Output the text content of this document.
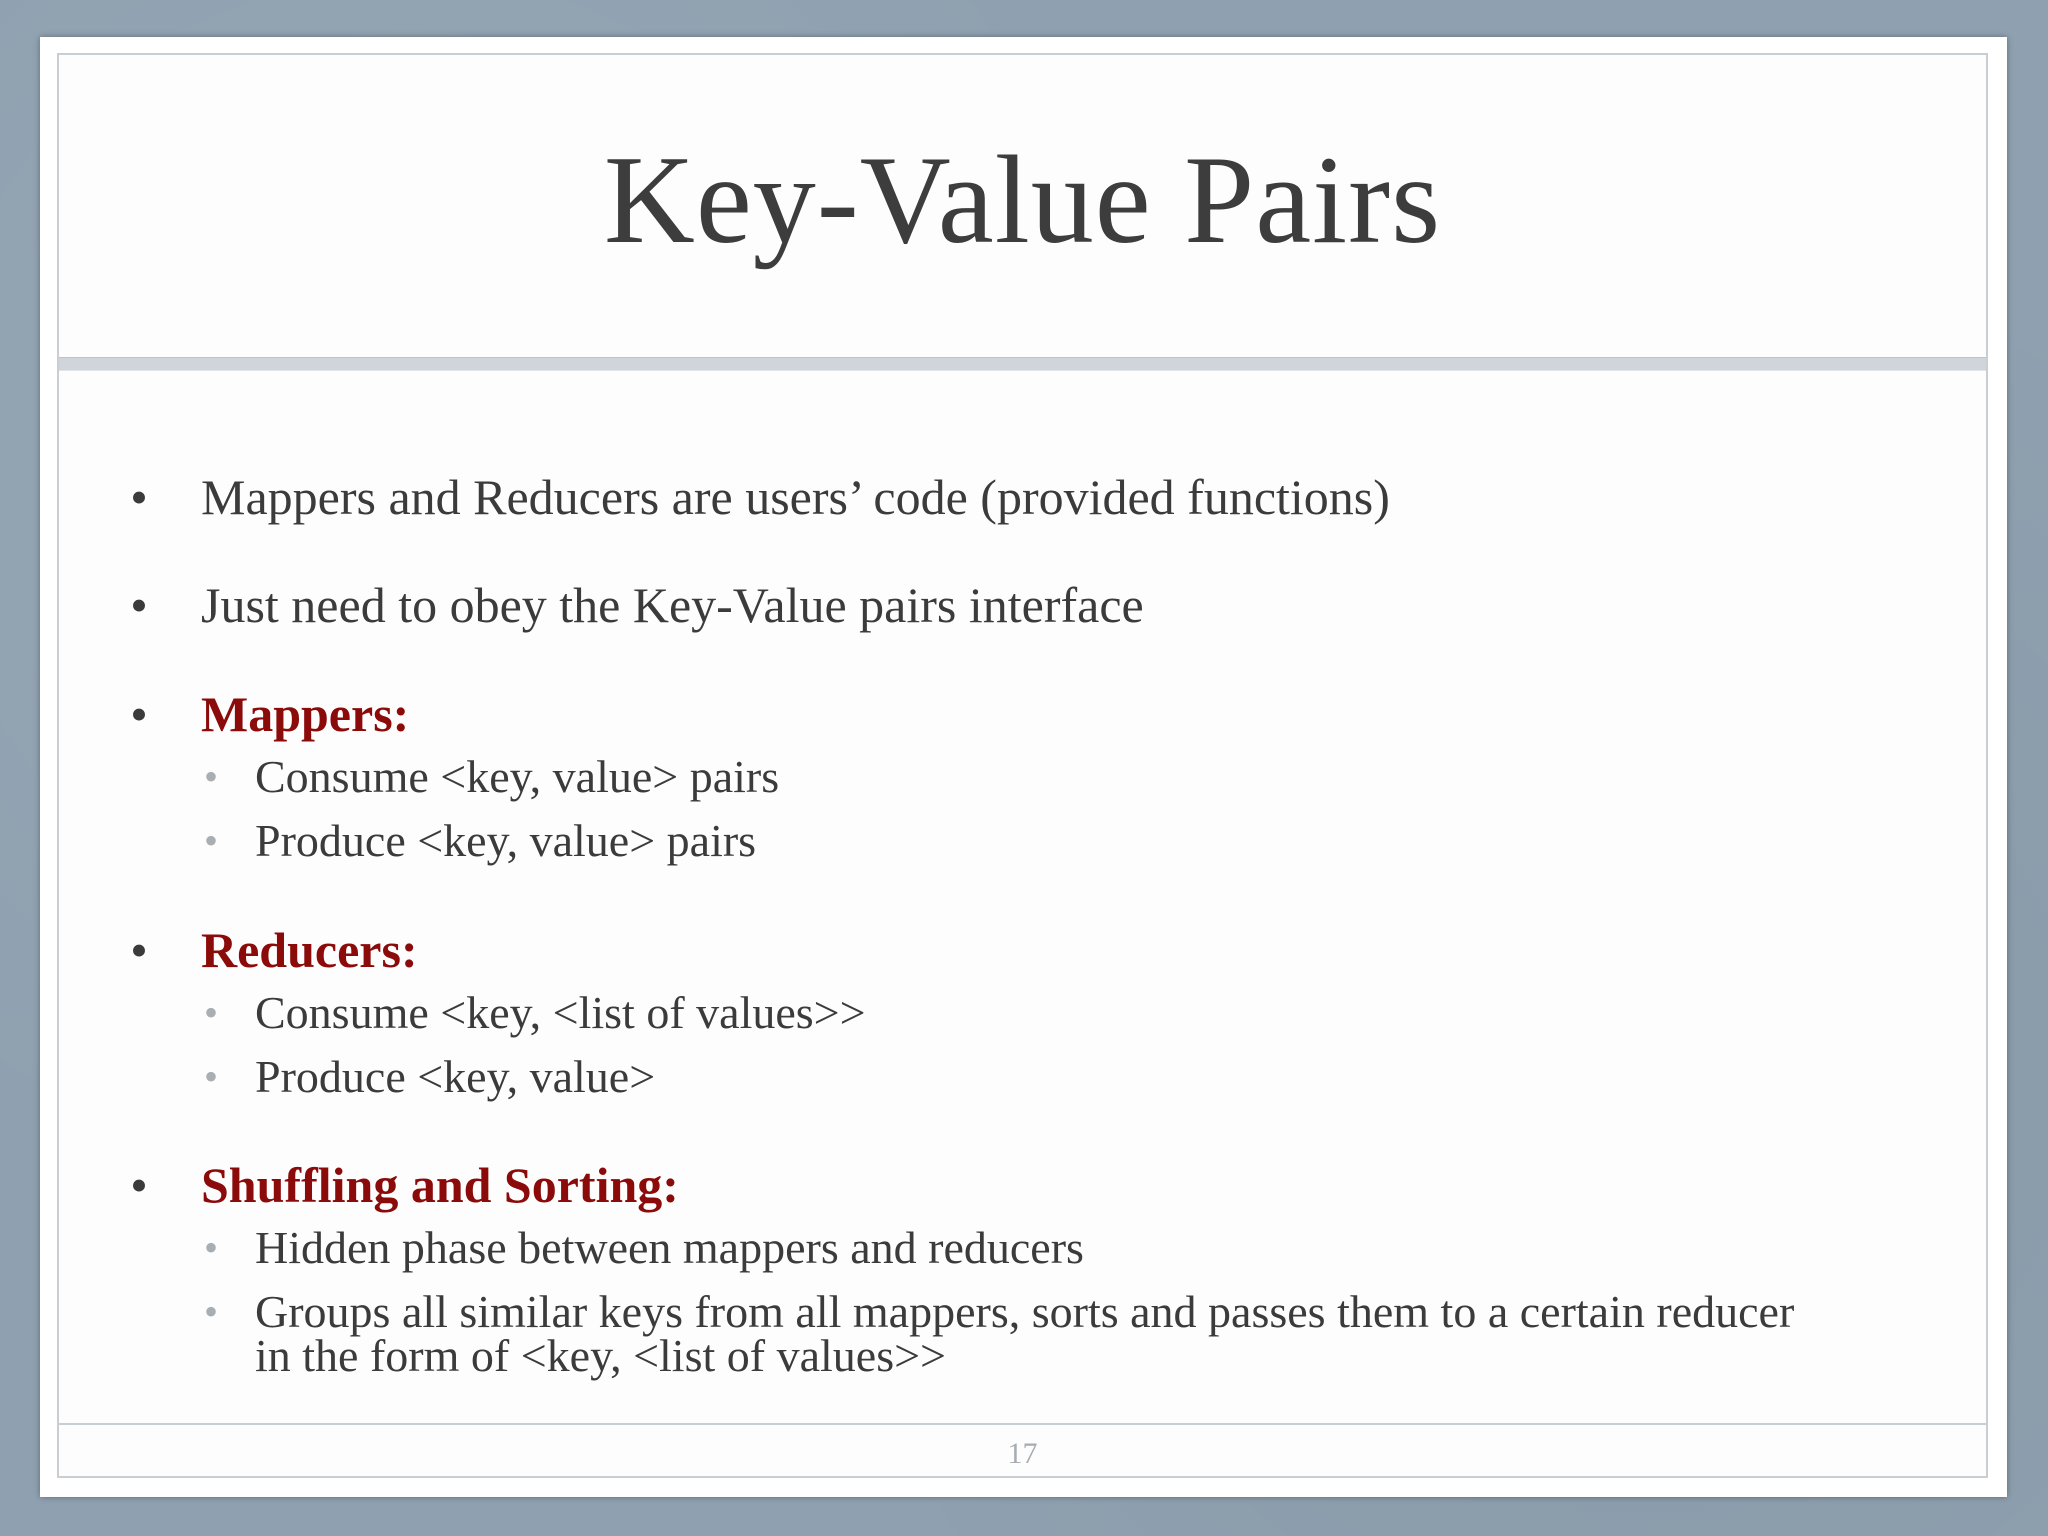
Key-Value Pairs
• Mappers and Reducers are users’ code (provided functions)
• Just need to obey the Key-Value pairs interface
• Mappers:
• Consume <key, value> pairs
• Produce <key, value> pairs
• Reducers:
• Consume <key, <list of values>>
• Produce <key, value>
• Shuffling and Sorting:
• Hidden phase between mappers and reducers
• Groups all similar keys from all mappers, sorts and passes them to a certain reducer in the form of <key, <list of values>>
17
